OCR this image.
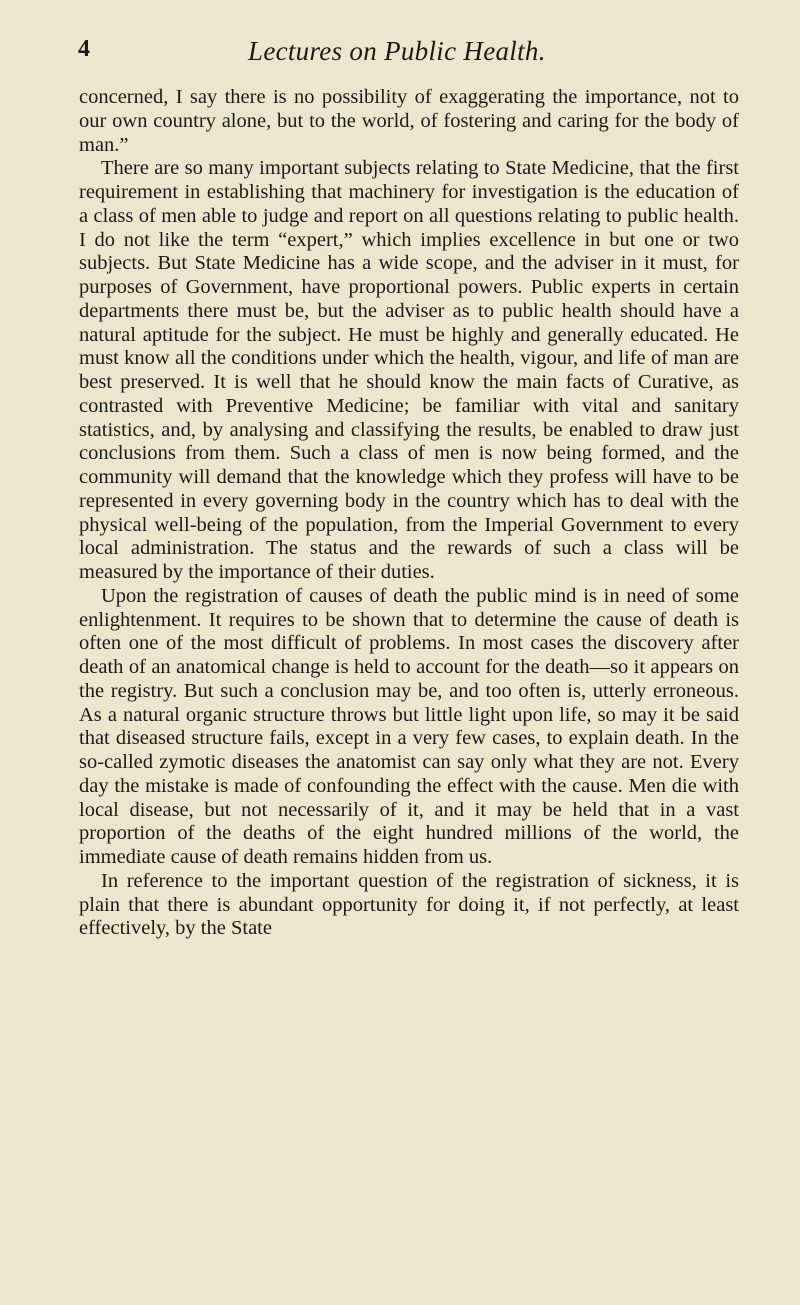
4	Lectures on Public Health.

concerned, I say there is no possibility of exaggerating the importance, not to our own country alone, but to the world, of fostering and caring for the body of man.”

There are so many important subjects relating to State Medicine, that the first requirement in establishing that machinery for investigation is the education of a class of men able to judge and report on all questions relating to public health. I do not like the term “expert,” which implies excellence in but one or two subjects. But State Medicine has a wide scope, and the adviser in it must, for purposes of Government, have proportional powers. Public experts in certain departments there must be, but the adviser as to public health should have a natural aptitude for the subject. He must be highly and generally educated. He must know all the conditions under which the health, vigour, and life of man are best preserved. It is well that he should know the main facts of Curative, as contrasted with Preventive Medicine; be familiar with vital and sanitary statistics, and, by analysing and classifying the results, be enabled to draw just conclusions from them. Such a class of men is now being formed, and the community will demand that the knowledge which they profess will have to be represented in every governing body in the country which has to deal with the physical well-being of the population, from the Imperial Government to every local administration. The status and the rewards of such a class will be measured by the importance of their duties.

Upon the registration of causes of death the public mind is in need of some enlightenment. It requires to be shown that to determine the cause of death is often one of the most difficult of problems. In most cases the discovery after death of an anatomical change is held to account for the death—so it appears on the registry. But such a conclusion may be, and too often is, utterly erroneous. As a natural organic structure throws but little light upon life, so may it be said that diseased structure fails, except in a very few cases, to explain death. In the so-called zymotic diseases the anatomist can say only what they are not. Every day the mistake is made of confounding the effect with the cause. Men die with local disease, but not necessarily of it, and it may be held that in a vast proportion of the deaths of the eight hundred millions of the world, the immediate cause of death remains hidden from us.

In reference to the important question of the registration of sickness, it is plain that there is abundant opportunity for doing it, if not perfectly, at least effectively, by the State
